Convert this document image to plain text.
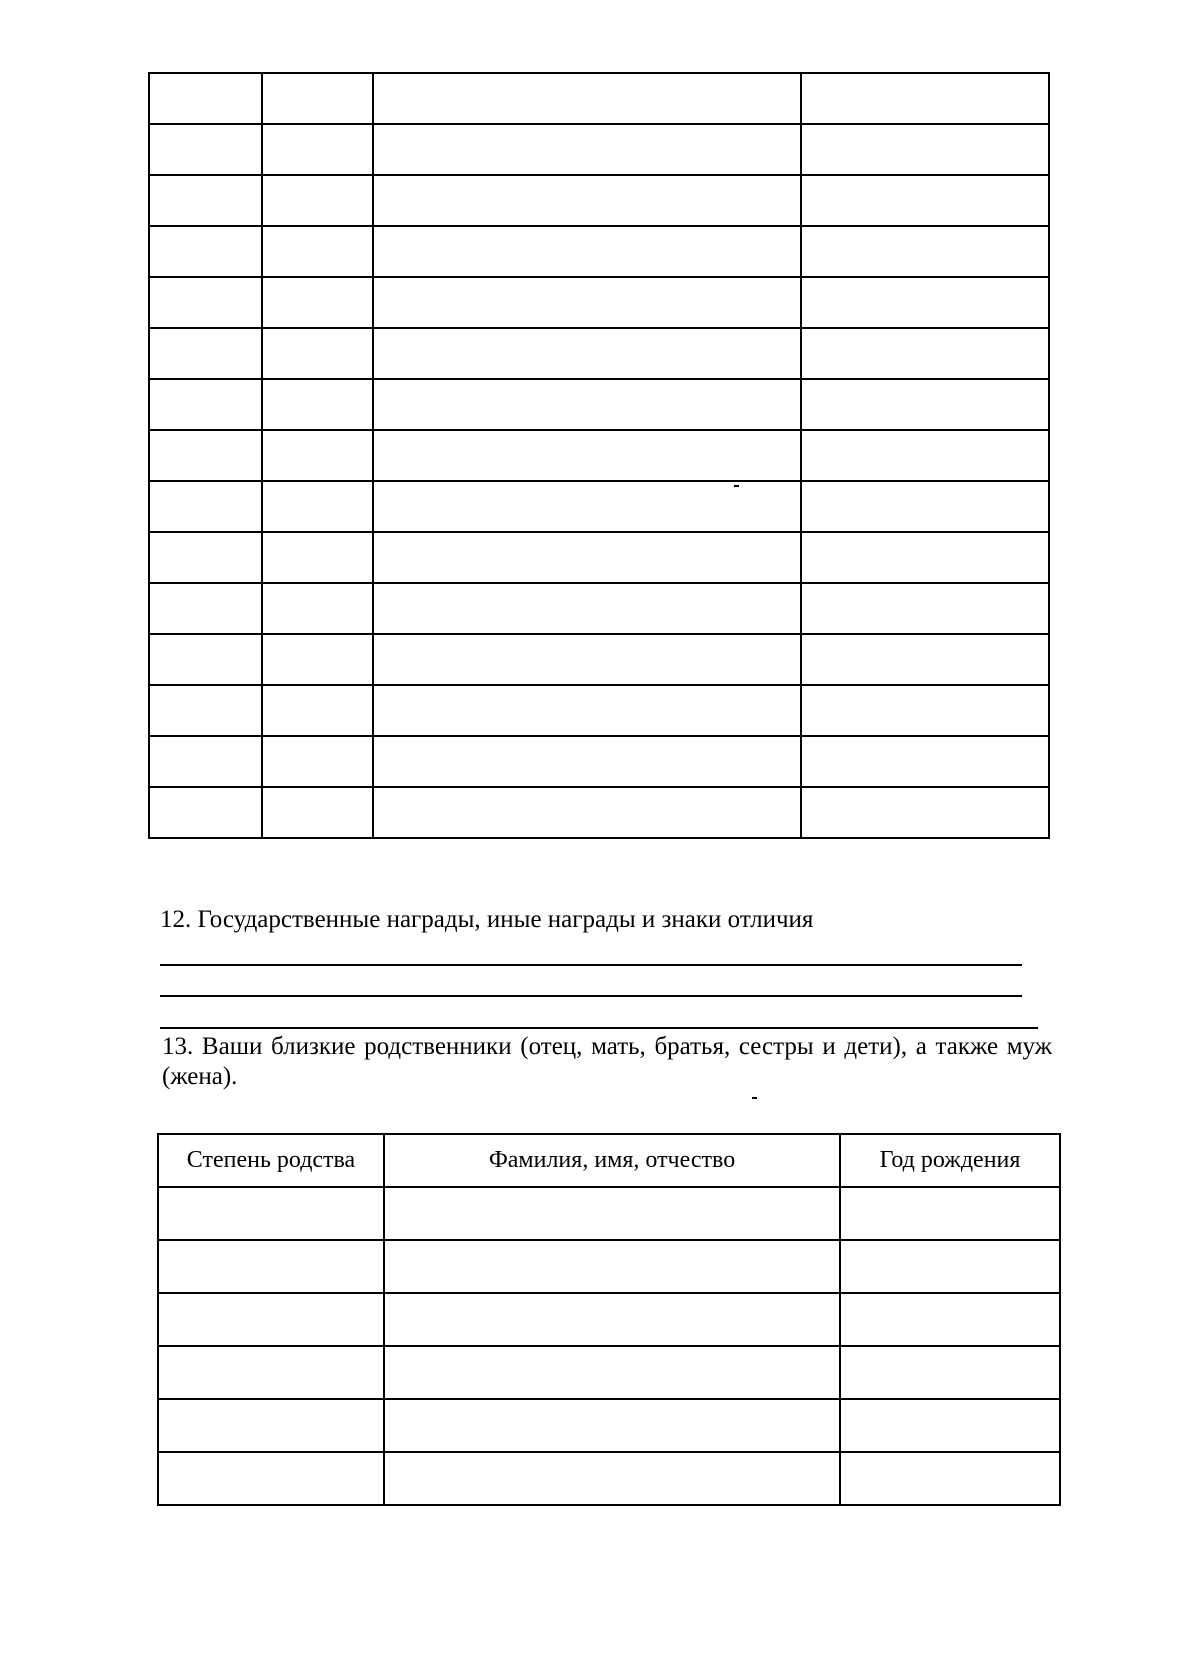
12. Государственные награды, иные награды и знаки отличия
13. Ваши близкие родственники (отец, мать, братья, сестры и дети), а также муж (жена).
Степень родства	Фамилия, имя, отчество	Год рождения
